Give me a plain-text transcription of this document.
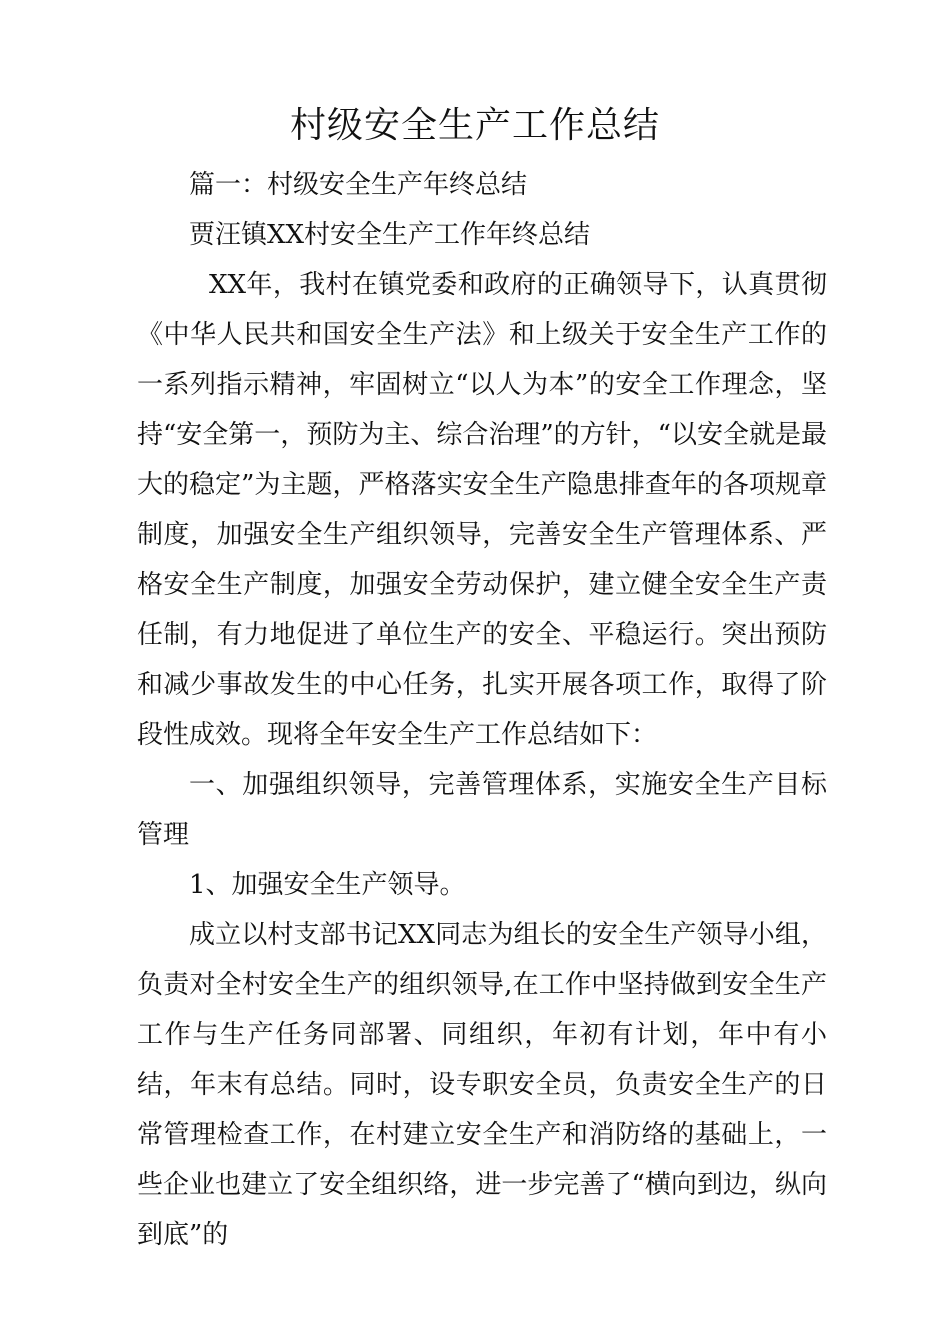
村级安全生产工作总结

篇一：村级安全生产年终总结

贾汪镇XX村安全生产工作年终总结

XX年，我村在镇党委和政府的正确领导下，认真贯彻《中华人民共和国安全生产法》和上级关于安全生产工作的一系列指示精神，牢固树立“以人为本”的安全工作理念，坚持“安全第一，预防为主、综合治理”的方针，“以安全就是最大的稳定”为主题，严格落实安全生产隐患排查年的各项规章制度，加强安全生产组织领导，完善安全生产管理体系、严格安全生产制度，加强安全劳动保护，建立健全安全生产责任制，有力地促进了单位生产的安全、平稳运行。突出预防和减少事故发生的中心任务，扎实开展各项工作，取得了阶段性成效。现将全年安全生产工作总结如下：

一、加强组织领导，完善管理体系，实施安全生产目标管理

1、加强安全生产领导。

成立以村支部书记XX同志为组长的安全生产领导小组，负责对全村安全生产的组织领导,在工作中坚持做到安全生产工作与生产任务同部署、同组织，年初有计划，年中有小结，年末有总结。同时，设专职安全员，负责安全生产的日常管理检查工作，在村建立安全生产和消防络的基础上，一些企业也建立了安全组织络，进一步完善了“横向到边，纵向到底”的
